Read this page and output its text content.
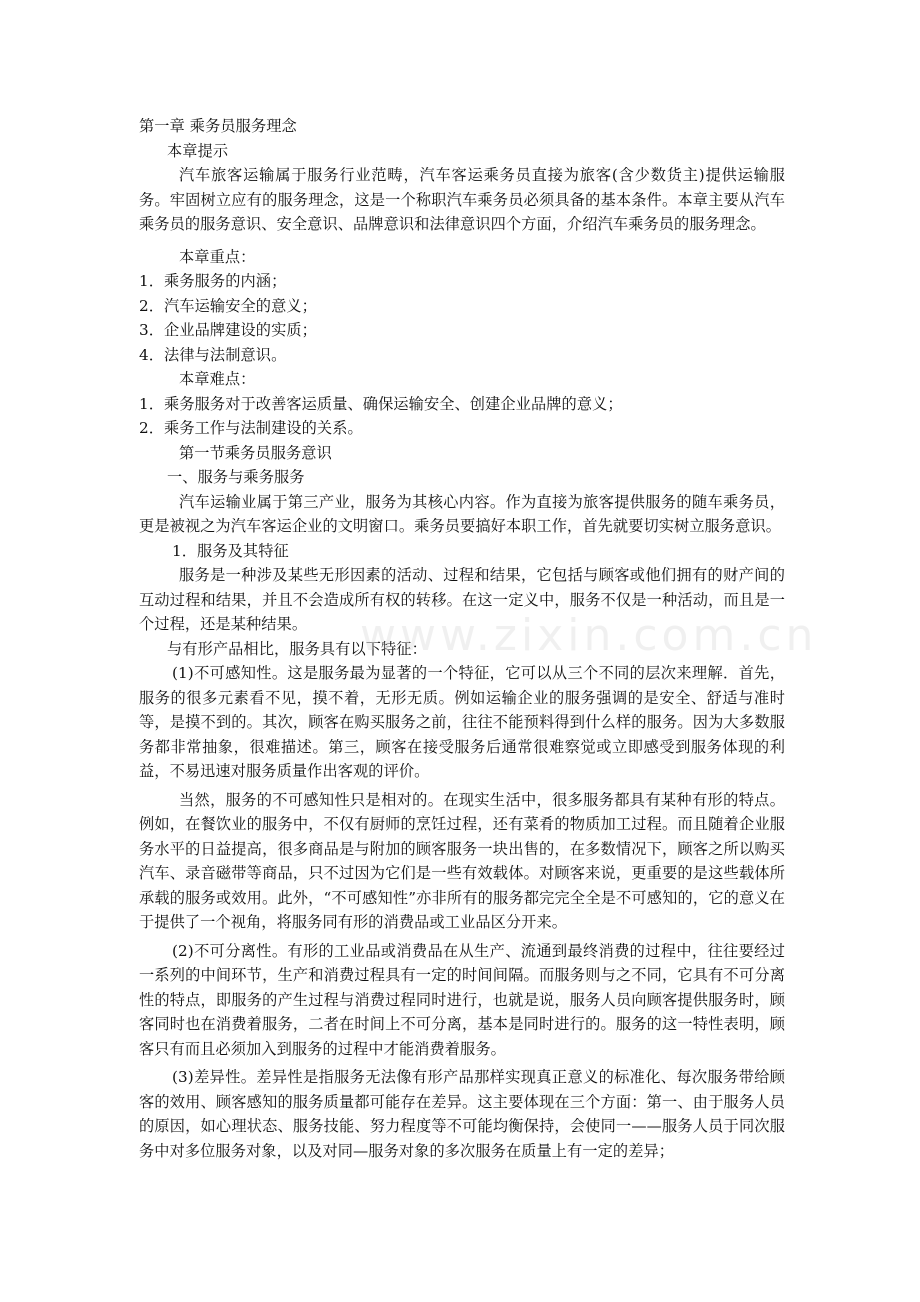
第一章 乘务员服务理念

本章提示

汽车旅客运输属于服务行业范畴，汽车客运乘务员直接为旅客(含少数货主)提供运输服务。牢固树立应有的服务理念，这是一个称职汽车乘务员必须具备的基本条件。本章主要从汽车乘务员的服务意识、安全意识、品牌意识和法律意识四个方面，介绍汽车乘务员的服务理念。

本章重点：

1．乘务服务的内涵；

2．汽车运输安全的意义；

3．企业品牌建设的实质；

4．法律与法制意识。

本章难点：

1．乘务服务对于改善客运质量、确保运输安全、创建企业品牌的意义；

2．乘务工作与法制建设的关系。

第一节乘务员服务意识

一、服务与乘务服务

汽车运输业属于第三产业，服务为其核心内容。作为直接为旅客提供服务的随车乘务员，更是被视之为汽车客运企业的文明窗口。乘务员要搞好本职工作，首先就要切实树立服务意识。

1．服务及其特征

服务是一种涉及某些无形因素的活动、过程和结果，它包括与顾客或他们拥有的财产间的互动过程和结果，并且不会造成所有权的转移。在这一定义中，服务不仅是一种活动，而且是一个过程，还是某种结果。

与有形产品相比，服务具有以下特征：

(1)不可感知性。这是服务最为显著的一个特征，它可以从三个不同的层次来理解．首先，服务的很多元素看不见，摸不着，无形无质。例如运输企业的服务强调的是安全、舒适与准时等，是摸不到的。其次，顾客在购买服务之前，往往不能预料得到什么样的服务。因为大多数服务都非常抽象，很难描述。第三，顾客在接受服务后通常很难察觉或立即感受到服务体现的利益，不易迅速对服务质量作出客观的评价。

当然，服务的不可感知性只是相对的。在现实生活中，很多服务都具有某种有形的特点。例如，在餐饮业的服务中，不仅有厨师的烹饪过程，还有菜肴的物质加工过程。而且随着企业服务水平的日益提高，很多商品是与附加的顾客服务一块出售的，在多数情况下，顾客之所以购买汽车、录音磁带等商品，只不过因为它们是一些有效载体。对顾客来说，更重要的是这些载体所承载的服务或效用。此外，“不可感知性”亦非所有的服务都完完全全是不可感知的，它的意义在于提供了一个视角，将服务同有形的消费品或工业品区分开来。

(2)不可分离性。有形的工业品或消费品在从生产、流通到最终消费的过程中，往往要经过一系列的中间环节，生产和消费过程具有一定的时间间隔。而服务则与之不同，它具有不可分离性的特点，即服务的产生过程与消费过程同时进行，也就是说，服务人员向顾客提供服务时，顾客同时也在消费着服务，二者在时间上不可分离，基本是同时进行的。服务的这一特性表明，顾客只有而且必须加入到服务的过程中才能消费着服务。

(3)差异性。差异性是指服务无法像有形产品那样实现真正意义的标准化、每次服务带给顾客的效用、顾客感知的服务质量都可能存在差异。这主要体现在三个方面：第一、由于服务人员的原因，如心理状态、服务技能、努力程度等不可能均衡保持，会使同一——服务人员于同次服务中对多位服务对象，以及对同—服务对象的多次服务在质量上有一定的差异；

www.zixin.com.cn
